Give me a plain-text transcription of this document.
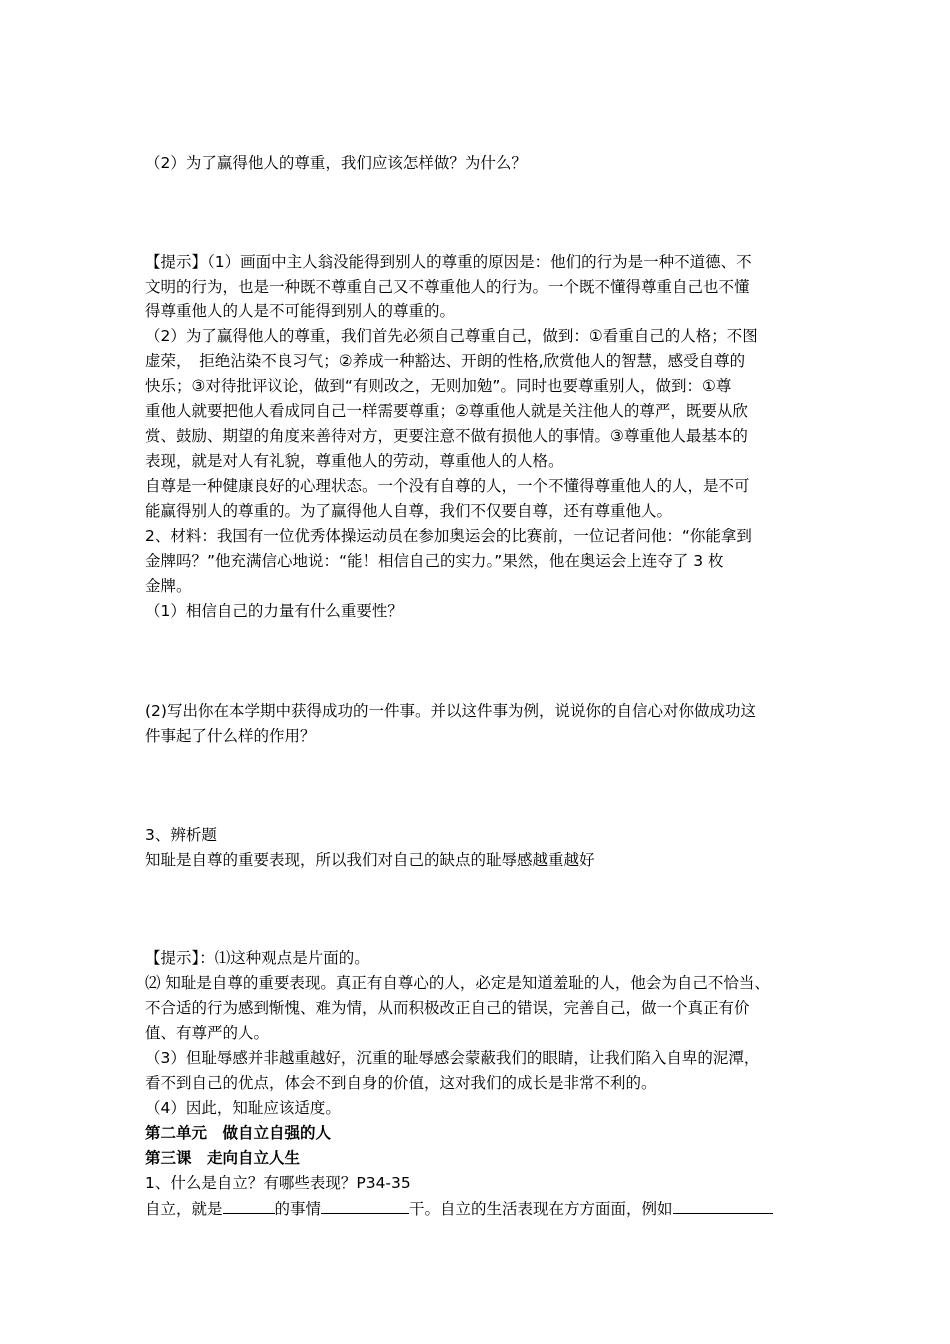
（2）为了赢得他人的尊重，我们应该怎样做？为什么？
【提示】（1）画面中主人翁没能得到别人的尊重的原因是：他们的行为是一种不道德、不
文明的行为，也是一种既不尊重自己又不尊重他人的行为。一个既不懂得尊重自己也不懂
得尊重他人的人是不可能得到别人的尊重的。
（2）为了赢得他人的尊重，我们首先必须自己尊重自己，做到：①看重自己的人格；不图
虚荣，　拒绝沾染不良习气；②养成一种豁达、开朗的性格,欣赏他人的智慧，感受自尊的
快乐；③对待批评议论，做到“有则改之，无则加勉”。同时也要尊重别人，做到：①尊
重他人就要把他人看成同自己一样需要尊重；②尊重他人就是关注他人的尊严，既要从欣
赏、鼓励、期望的角度来善待对方，更要注意不做有损他人的事情。③尊重他人最基本的
表现，就是对人有礼貌，尊重他人的劳动，尊重他人的人格。
自尊是一种健康良好的心理状态。一个没有自尊的人，一个不懂得尊重他人的人，是不可
能赢得别人的尊重的。为了赢得他人自尊，我们不仅要自尊，还有尊重他人。
2、材料：我国有一位优秀体操运动员在参加奥运会的比赛前，一位记者问他：“你能拿到
金牌吗？”他充满信心地说：“能！相信自己的实力。”果然，他在奥运会上连夺了 3 枚
金牌。
（1）相信自己的力量有什么重要性？
(2)写出你在本学期中获得成功的一件事。并以这件事为例，说说你的自信心对你做成功这
件事起了什么样的作用？
3、辨析题
知耻是自尊的重要表现，所以我们对自己的缺点的耻辱感越重越好
【提示】：⑴这种观点是片面的。
⑵ 知耻是自尊的重要表现。真正有自尊心的人，必定是知道羞耻的人，他会为自己不恰当、
不合适的行为感到惭愧、难为情，从而积极改正自己的错误，完善自己，做一个真正有价
值、有尊严的人。
（3）但耻辱感并非越重越好，沉重的耻辱感会蒙蔽我们的眼睛，让我们陷入自卑的泥潭，
看不到自己的优点，体会不到自身的价值，这对我们的成长是非常不利的。
（4）因此，知耻应该适度。
第二单元　做自立自强的人
第三课　走向自立人生
1、什么是自立？有哪些表现？P34-35
自立，就是	的事情	干。自立的生活表现在方方面面，例如
